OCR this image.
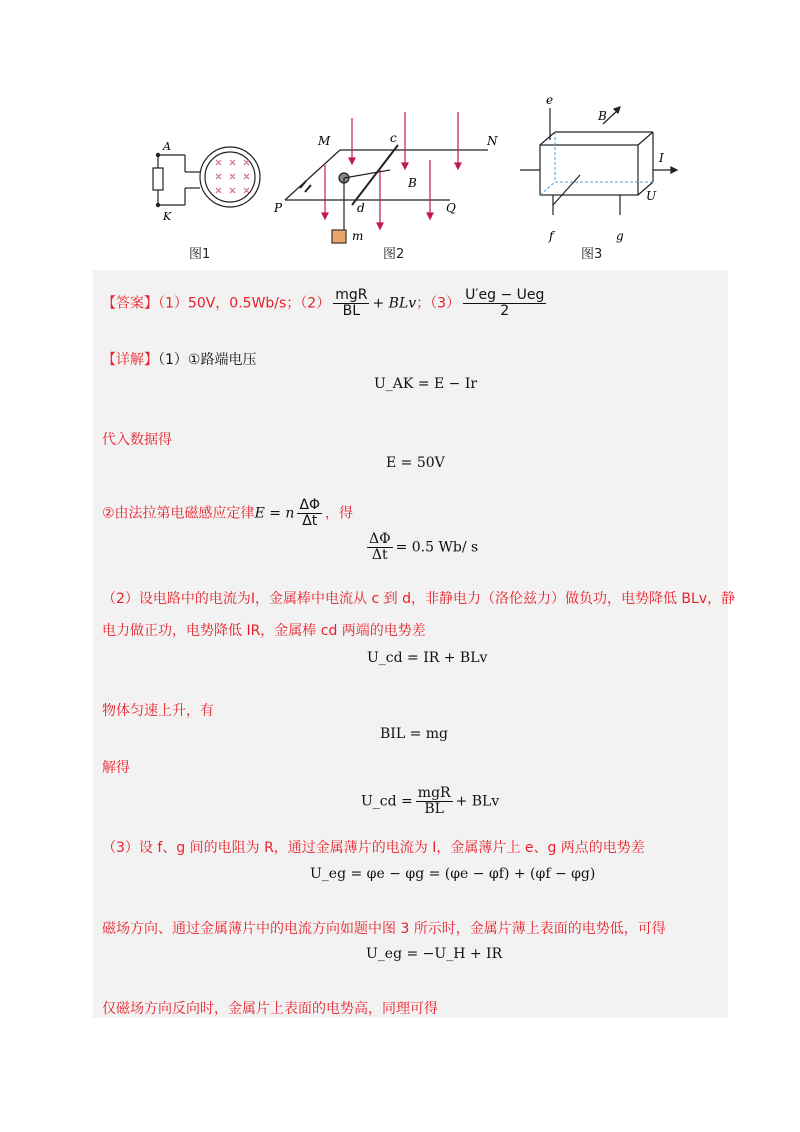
A
K
M	N
c
d
P	Q
B
m
e
B
I
U
f	g
图1	图2	图3
【答案】（1）50V，0.5Wb/s；$(2) \frac{\text{mgR}}{BL}$ + BLv；$(3) \frac{\text{U′eg − Ueg}}{2}$
【详解】（1）①路端电压
U_AK = E − Ir
代入数据得
E = 50V
②由法拉第电磁感应定律E = n $\frac{\Delta\Phi}{\Delta t}$ ，得
$\frac{\Delta\Phi}{\Delta t} = 0.5$ Wb/ s
（2）设电路中的电流为I，金属棒中电流从 c 到 d，非静电力（洛伦兹力）做负功，电势降低 BLv，静
电力做正功，电势降低 IR，金属棒 cd 两端的电势差
U_cd = IR + BLv
物体匀速上升，有
BIL = mg
解得
U_cd = $\frac{\text{mgR}}{BL}$ + BLv
（3）设 f、g 间的电阻为 R，通过金属薄片的电流为 I，金属薄片上 e、g 两点的电势差
U_eg = φe − φg = (φe − φf) + (φf − φg)
磁场方向、通过金属薄片中的电流方向如题中图 3 所示时，金属片薄上表面的电势低，可得
U_eg = −U_H + IR
仅磁场方向反向时，金属片上表面的电势高，同理可得
